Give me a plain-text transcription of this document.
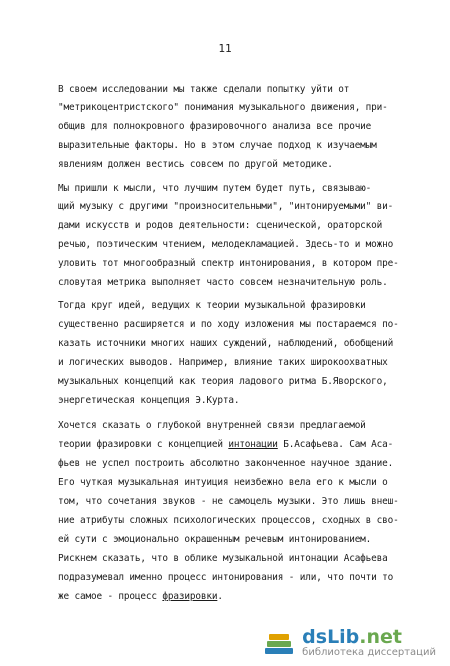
11
В своем исследовании мы также сделали попытку уйти от
"метрикоцентристского" понимания музыкального движения, при-
общив для полнокровного фразировочного анализа все прочие
выразительные факторы. Но в этом случае подход к изучаемым
явлениям должен вестись совсем по другой методике.
Мы пришли к мысли, что лучшим путем будет путь, связываю-
щий музыку с другими "произносительными", "интонируемыми" ви-
дами искусств и родов деятельности: сценической, ораторской
речью, поэтическим чтением, мелодекламацией. Здесь-то и можно
уловить тот многообразный спектр интонирования, в котором пре-
словутая метрика выполняет часто совсем незначительную роль.
Тогда круг идей, ведущих к теории музыкальной фразировки
существенно расширяется и по ходу изложения мы постараемся по-
казать источники многих наших суждений, наблюдений, обобщений
и логических выводов. Например, влияние таких широкоохватных
музыкальных концепций как теория ладового ритма Б.Яворского,
энергетическая концепция Э.Курта.
Хочется сказать о глубокой внутренней связи предлагаемой
теории фразировки с концепцией интонации Б.Асафьева. Сам Аса-
фьев не успел построить абсолютно законченное научное здание.
Его чуткая музыкальная интуиция неизбежно вела его к мысли о
том, что сочетания звуков - не самоцель музыки. Это лишь внеш-
ние атрибуты сложных психологических процессов, сходных в сво-
ей сути с эмоционально окрашенным речевым интонированием.
Рискнем сказать, что в облике музыкальной интонации Асафьева
подразумевал именно процесс интонирования - или, что почти то
же самое - процесс фразировки.
dsLib.net
библиотека диссертаций
